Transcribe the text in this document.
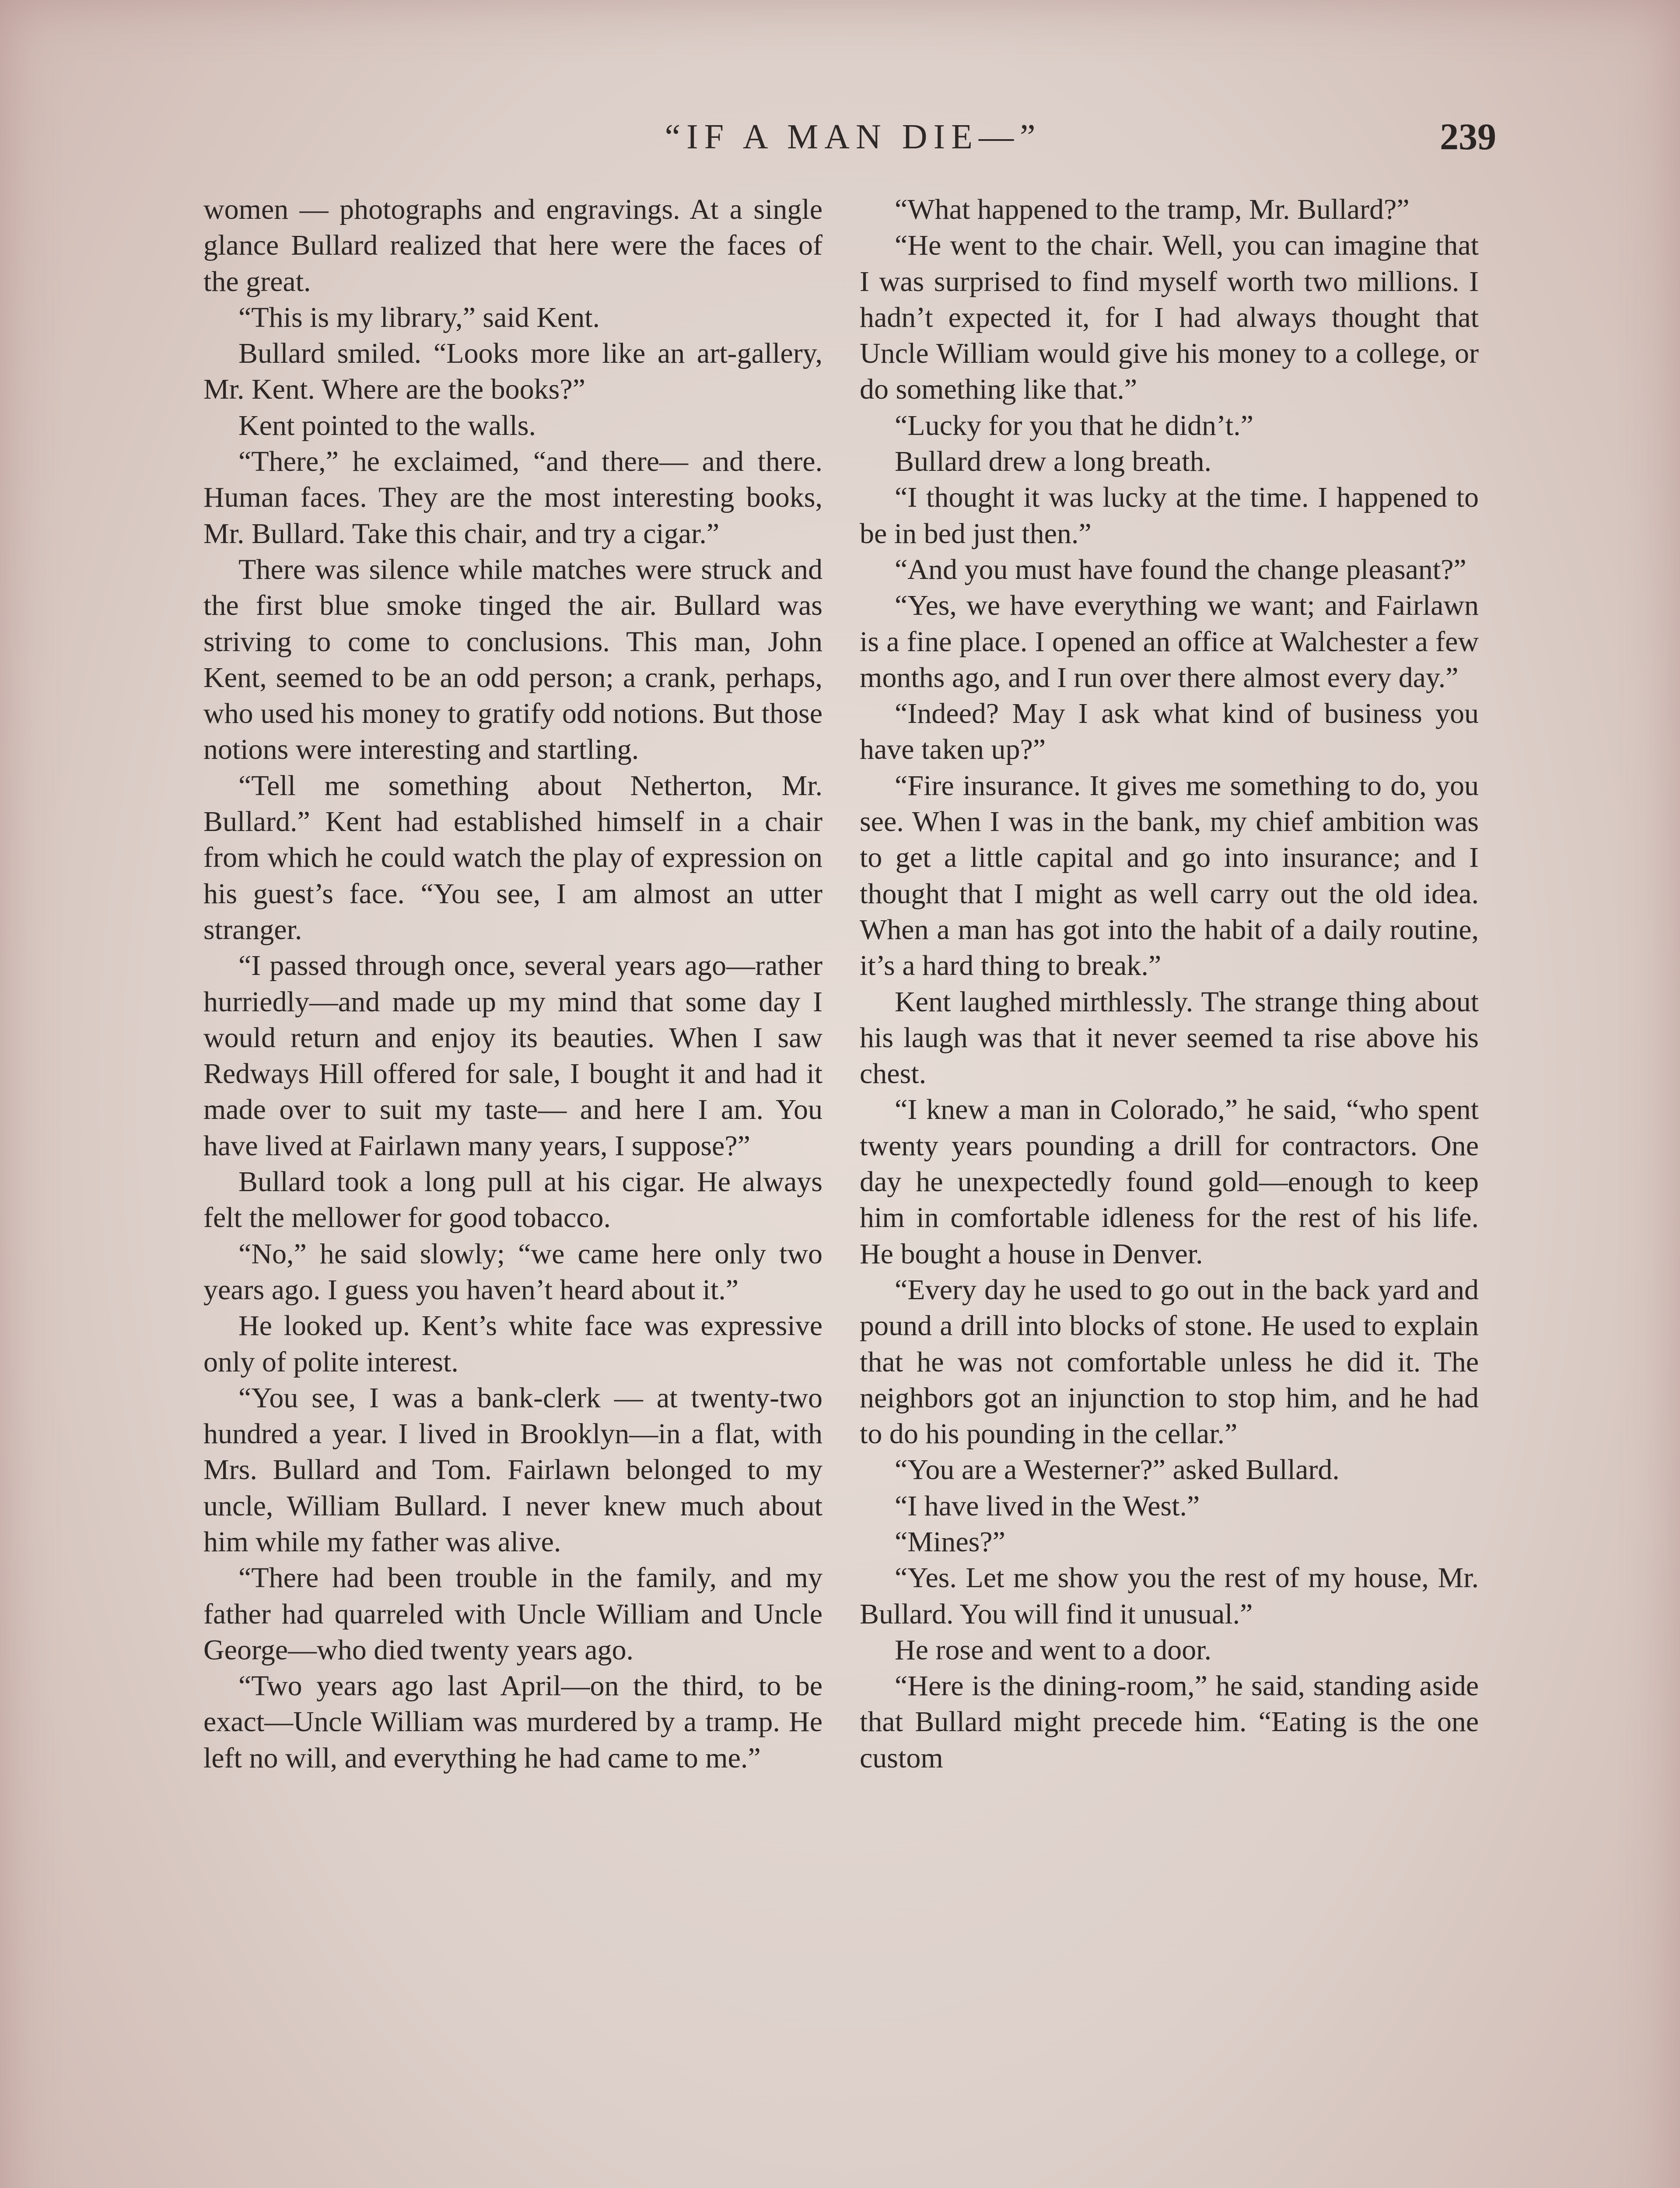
“IF A MAN DIE—”	239

women — photographs and engravings. At a single glance Bullard realized that here were the faces of the great.

“This is my library,” said Kent.

Bullard smiled. “Looks more like an art-gallery, Mr. Kent. Where are the books?”

Kent pointed to the walls.

“There,” he exclaimed, “and there— and there. Human faces. They are the most interesting books, Mr. Bullard. Take this chair, and try a cigar.”

There was silence while matches were struck and the first blue smoke tinged the air. Bullard was striving to come to conclusions. This man, John Kent, seemed to be an odd person; a crank, perhaps, who used his money to gratify odd notions. But those notions were interesting and startling.

“Tell me something about Netherton, Mr. Bullard.” Kent had established himself in a chair from which he could watch the play of expression on his guest’s face. “You see, I am almost an utter stranger.

“I passed through once, several years ago—rather hurriedly—and made up my mind that some day I would return and enjoy its beauties. When I saw Redways Hill offered for sale, I bought it and had it made over to suit my taste— and here I am. You have lived at Fairlawn many years, I suppose?”

Bullard took a long pull at his cigar. He always felt the mellower for good tobacco.

“No,” he said slowly; “we came here only two years ago. I guess you haven’t heard about it.”

He looked up. Kent’s white face was expressive only of polite interest.

“You see, I was a bank-clerk — at twenty-two hundred a year. I lived in Brooklyn—in a flat, with Mrs. Bullard and Tom. Fairlawn belonged to my uncle, William Bullard. I never knew much about him while my father was alive.

“There had been trouble in the family, and my father had quarreled with Uncle William and Uncle George—who died twenty years ago.

“Two years ago last April—on the third, to be exact—Uncle William was murdered by a tramp. He left no will, and everything he had came to me.”

“What happened to the tramp, Mr. Bullard?”

“He went to the chair. Well, you can imagine that I was surprised to find myself worth two millions. I hadn’t expected it, for I had always thought that Uncle William would give his money to a college, or do something like that.”

“Lucky for you that he didn’t.”

Bullard drew a long breath.

“I thought it was lucky at the time. I happened to be in bed just then.”

“And you must have found the change pleasant?”

“Yes, we have everything we want; and Fairlawn is a fine place. I opened an office at Walchester a few months ago, and I run over there almost every day.”

“Indeed? May I ask what kind of business you have taken up?”

“Fire insurance. It gives me something to do, you see. When I was in the bank, my chief ambition was to get a little capital and go into insurance; and I thought that I might as well carry out the old idea. When a man has got into the habit of a daily routine, it’s a hard thing to break.”

Kent laughed mirthlessly. The strange thing about his laugh was that it never seemed ta rise above his chest.

“I knew a man in Colorado,” he said, “who spent twenty years pounding a drill for contractors. One day he unexpectedly found gold—enough to keep him in comfortable idleness for the rest of his life. He bought a house in Denver.

“Every day he used to go out in the back yard and pound a drill into blocks of stone. He used to explain that he was not comfortable unless he did it. The neighbors got an injunction to stop him, and he had to do his pounding in the cellar.”

“You are a Westerner?” asked Bullard.

“I have lived in the West.”

“Mines?”

“Yes. Let me show you the rest of my house, Mr. Bullard. You will find it unusual.”

He rose and went to a door.

“Here is the dining-room,” he said, standing aside that Bullard might precede him. “Eating is the one custom
